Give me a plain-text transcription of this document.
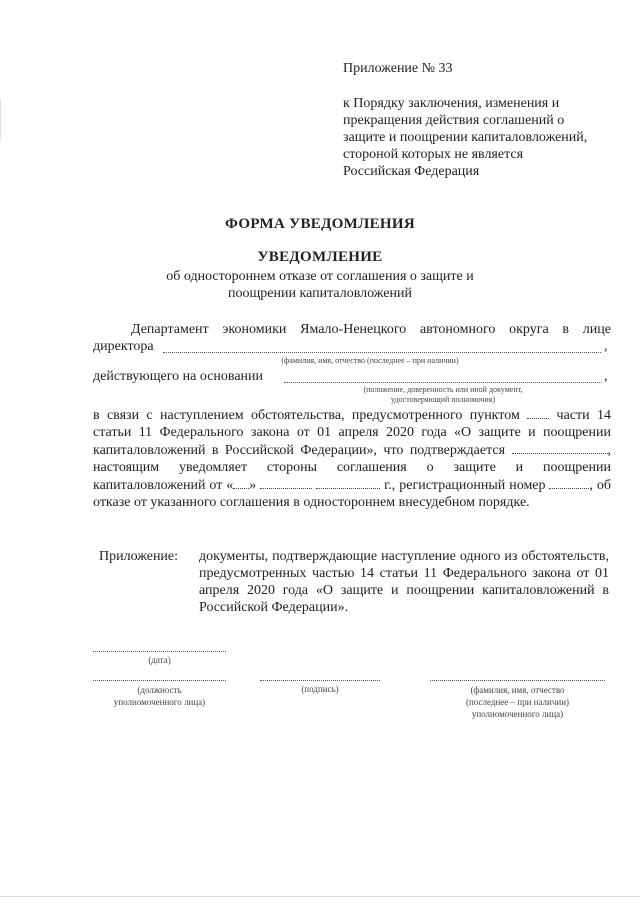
Приложение № 33
к Порядку заключения, изменения и
прекращения действия соглашений о
защите и поощрении капиталовложений,
стороной которых не является
Российская Федерация
ФОРМА УВЕДОМЛЕНИЯ
УВЕДОМЛЕНИЕ
об одностороннем отказе от соглашения о защите и поощрении капиталовложений
Департамент экономики Ямало-Ненецкого автономного округа в лице
директора	,
(фамилия, имя, отчество (последнее – при наличии)
действующего на основании	,
(положение, доверенность или иной документ,
удостоверяющий полномочия)
в связи с наступлением обстоятельства, предусмотренного пунктом	части 14 статьи 11 Федерального закона от 01 апреля 2020 года «О защите и поощрении капиталовложений в Российской Федерации», что подтверждается	, настоящим уведомляет стороны соглашения о защите и поощрении капиталовложений от « »	г., регистрационный номер	, об отказе от указанного соглашения в одностороннем внесудебном порядке.
Приложение: документы, подтверждающие наступление одного из обстоятельств, предусмотренных частью 14 статьи 11 Федерального закона от 01 апреля 2020 года «О защите и поощрении капиталовложений в Российской Федерации».
(дата)
(должность
уполномоченного лица)
(подпись)	(фамилия, имя, отчество
(последнее – при наличии)
уполномоченного лица)
